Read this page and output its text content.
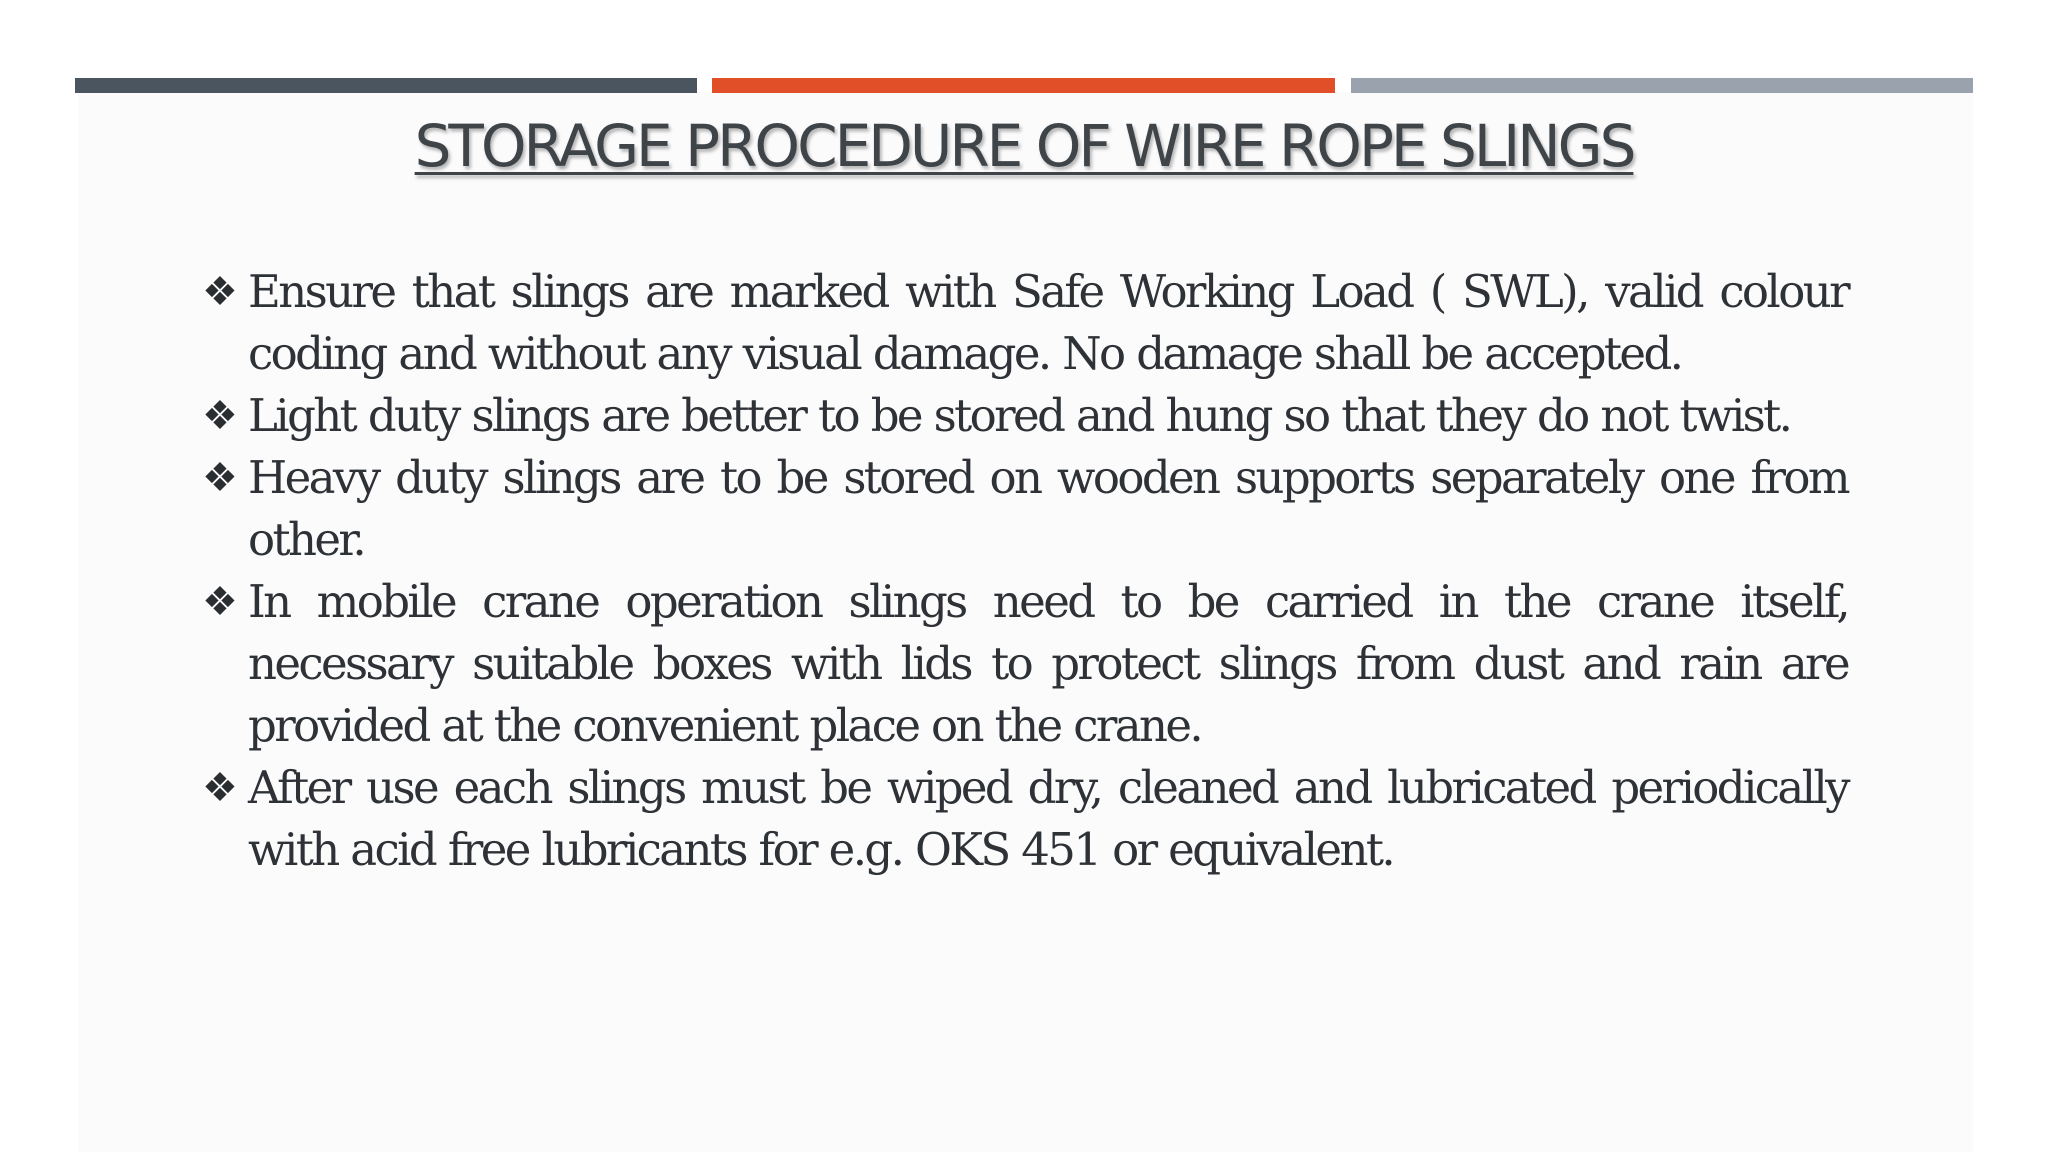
STORAGE PROCEDURE OF WIRE ROPE SLINGS
❖ Ensure that slings are marked with Safe Working Load ( SWL), valid colour coding and without any visual damage. No damage shall be accepted.
❖ Light duty slings are better to be stored and hung so that they do not twist.
❖ Heavy duty slings are to be stored on wooden supports separately one from other.
❖ In mobile crane operation slings need to be carried in the crane itself, necessary suitable boxes with lids to protect slings from dust and rain are provided at the convenient place on the crane.
❖ After use each slings must be wiped dry, cleaned and lubricated periodically with acid free lubricants for e.g. OKS 451 or equivalent.
